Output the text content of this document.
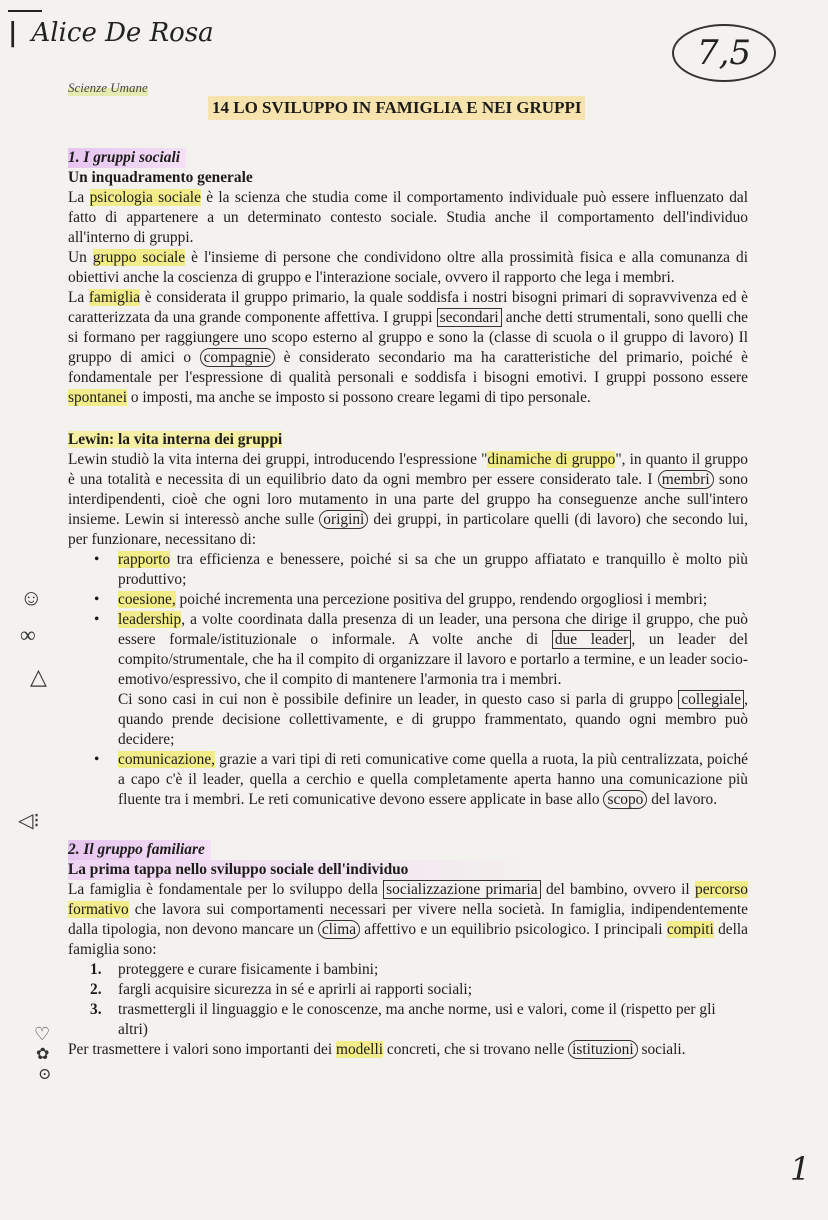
| Alice De Rosa	7,5
Scienze Umane
14 LO SVILUPPO IN FAMIGLIA E NEI GRUPPI
☺
∞
△
◁⁝
♡
✿
⊙
1. I gruppi sociali
Un inquadramento generale

La psicologia sociale è la scienza che studia come il comportamento individuale può essere influenzato dal fatto di appartenere a un determinato contesto sociale. Studia anche il comportamento dell'individuo all'interno di gruppi.

Un gruppo sociale è l'insieme di persone che condividono oltre alla prossimità fisica e alla comunanza di obiettivi anche la coscienza di gruppo e l'interazione sociale, ovvero il rapporto che lega i membri.

La famiglia è considerata il gruppo primario, la quale soddisfa i nostri bisogni primari di sopravvivenza ed è caratterizzata da una grande componente affettiva. I gruppi secondari anche detti strumentali, sono quelli che si formano per raggiungere uno scopo esterno al gruppo e sono la (classe di scuola o il gruppo di lavoro) Il gruppo di amici o compagnie è considerato secondario ma ha caratteristiche del primario, poiché è fondamentale per l'espressione di qualità personali e soddisfa i bisogni emotivi. I gruppi possono essere spontanei o imposti, ma anche se imposto si possono creare legami di tipo personale.

Lewin: la vita interna dei gruppi

Lewin studiò la vita interna dei gruppi, introducendo l'espressione "dinamiche di gruppo", in quanto il gruppo è una totalità e necessita di un equilibrio dato da ogni membro per essere considerato tale. I membri sono interdipendenti, cioè che ogni loro mutamento in una parte del gruppo ha conseguenze anche sull'intero insieme. Lewin si interessò anche sulle origini dei gruppi, in particolare quelli (di lavoro) che secondo lui, per funzionare, necessitano di:

• rapporto tra efficienza e benessere, poiché si sa che un gruppo affiatato e tranquillo è molto più produttivo;
• coesione, poiché incrementa una percezione positiva del gruppo, rendendo orgogliosi i membri;
• leadership, a volte coordinata dalla presenza di un leader, una persona che dirige il gruppo, che può essere formale/istituzionale o informale. A volte anche di due leader , un leader del compito/strumentale, che ha il compito di organizzare il lavoro e portarlo a termine, e un leader socio-emotivo/espressivo, che il compito di mantenere l'armonia tra i membri.
Ci sono casi in cui non è possibile definire un leader, in questo caso si parla di gruppo collegiale , quando prende decisione collettivamente, e di gruppo frammentato, quando ogni membro può decidere;
• comunicazione, grazie a vari tipi di reti comunicative come quella a ruota, la più centralizzata, poiché a capo c'è il leader, quella a cerchio e quella completamente aperta hanno una comunicazione più fluente tra i membri. Le reti comunicative devono essere applicate in base allo scopo del lavoro.
2. Il gruppo familiare
La prima tappa nello sviluppo sociale dell'individuo

La famiglia è fondamentale per lo sviluppo della socializzazione primaria del bambino, ovvero il percorso formativo che lavora sui comportamenti necessari per vivere nella società. In famiglia, indipendentemente dalla tipologia, non devono mancare un clima affettivo e un equilibrio psicologico. I principali compiti della famiglia sono:

1. proteggere e curare fisicamente i bambini;
2. fargli acquisire sicurezza in sé e aprirli ai rapporti sociali;
3. trasmettergli il linguaggio e le conoscenze, ma anche norme, usi e valori, come il (rispetto per gli altri)

Per trasmettere i valori sono importanti dei modelli concreti, che si trovano nelle istituzioni sociali.

1
